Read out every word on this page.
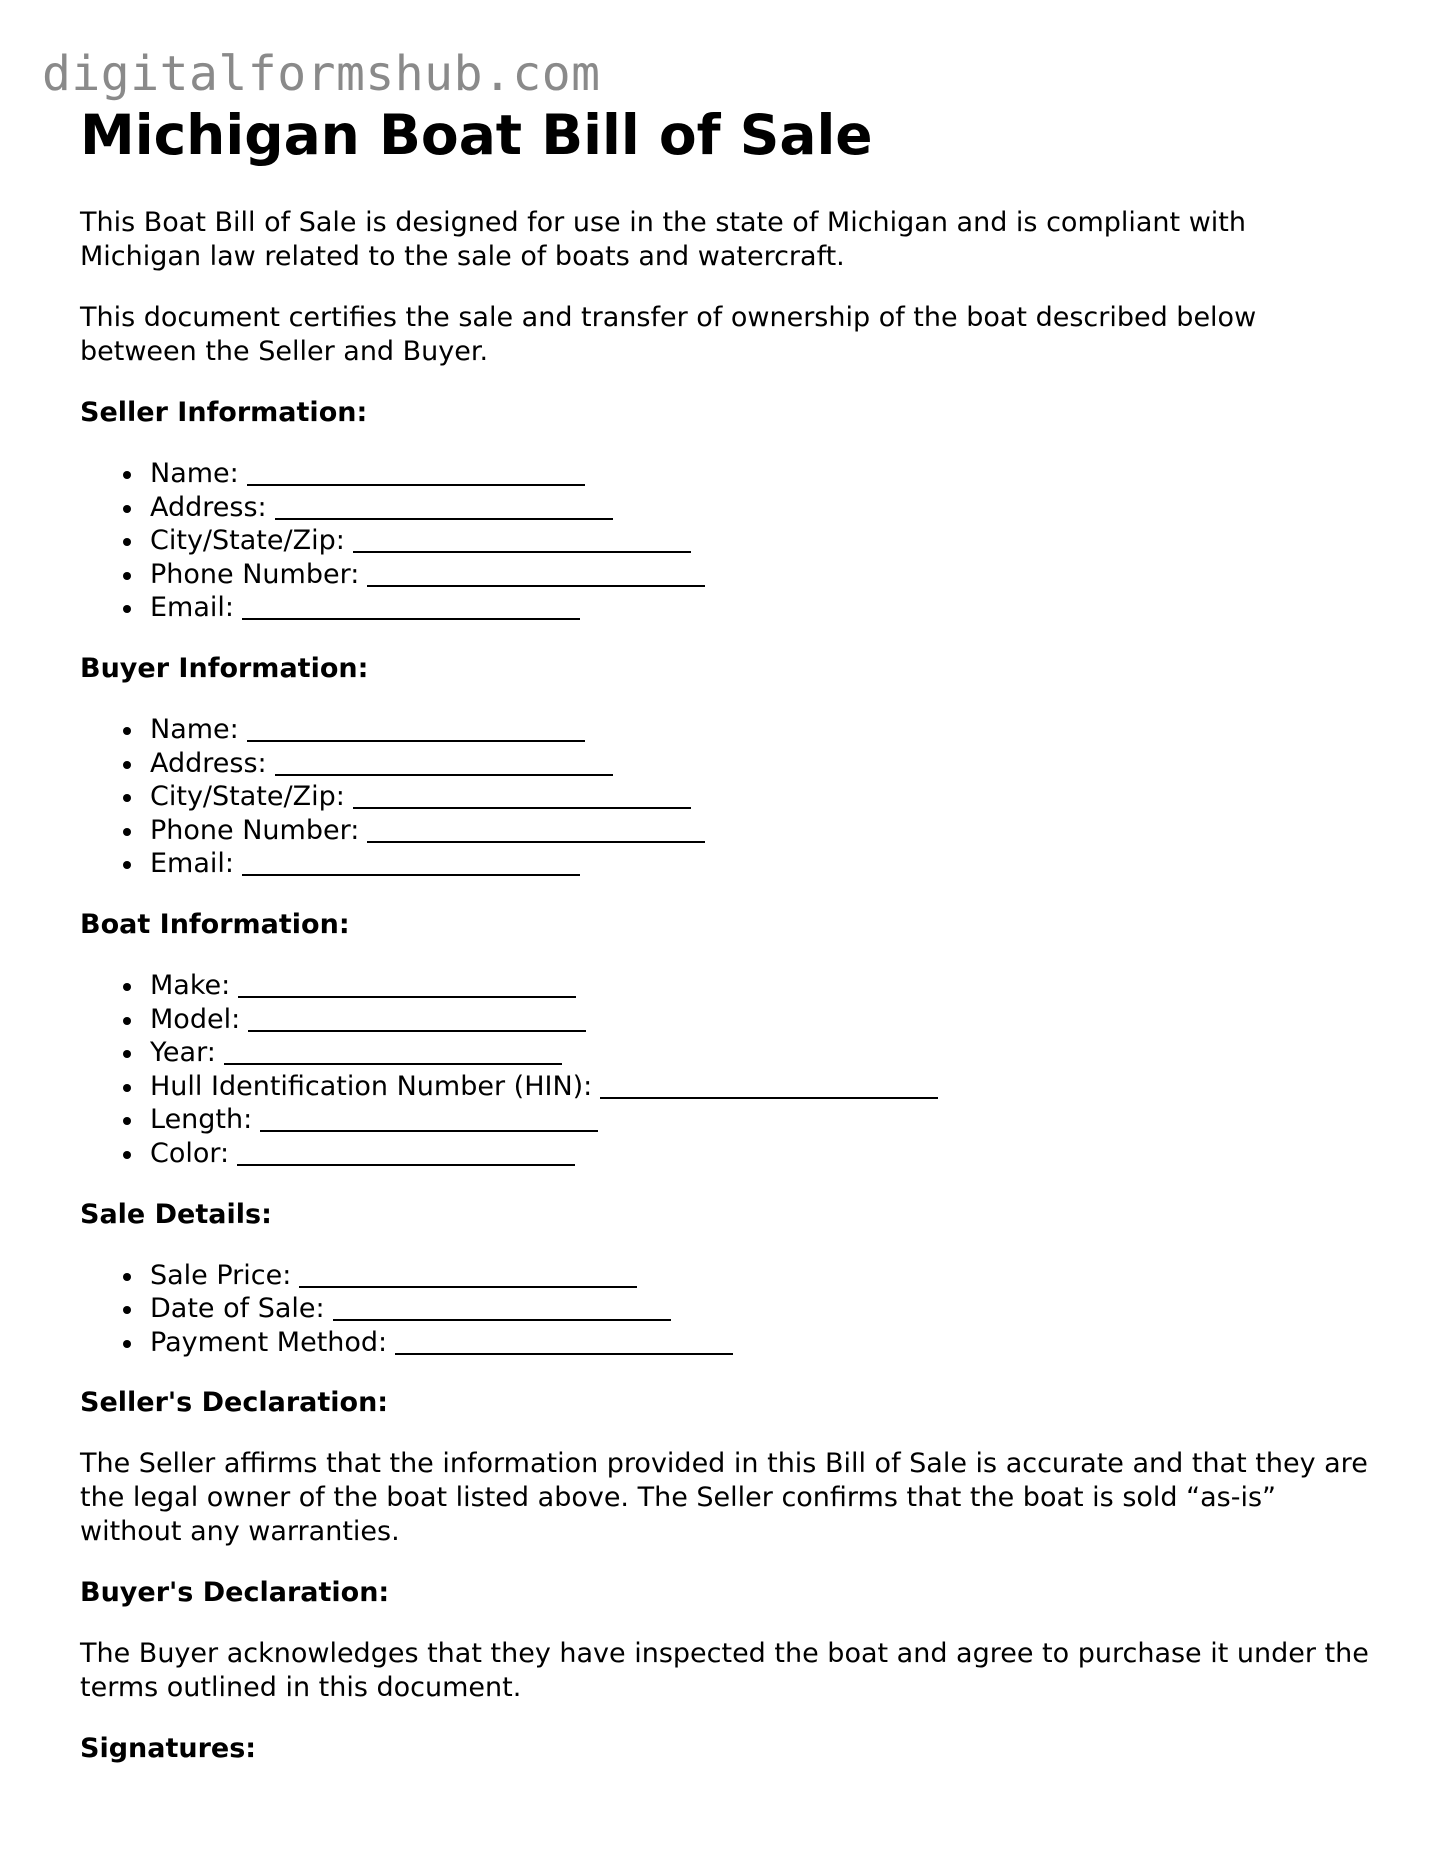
digitalformshub.com
Michigan Boat Bill of Sale

This Boat Bill of Sale is designed for use in the state of Michigan and is compliant with Michigan law related to the sale of boats and watercraft.

This document certifies the sale and transfer of ownership of the boat described below between the Seller and Buyer.

Seller Information:
Name:
Address:
City/State/Zip:
Phone Number:
Email:
Buyer Information:
Name:
Address:
City/State/Zip:
Phone Number:
Email:
Boat Information:
Make:
Model:
Year:
Hull Identification Number (HIN):
Length:
Color:
Sale Details:
Sale Price:
Date of Sale:
Payment Method:
Seller's Declaration:

The Seller affirms that the information provided in this Bill of Sale is accurate and that they are the legal owner of the boat listed above. The Seller confirms that the boat is sold “as-is” without any warranties.

Buyer's Declaration:

The Buyer acknowledges that they have inspected the boat and agree to purchase it under the terms outlined in this document.

Signatures:
